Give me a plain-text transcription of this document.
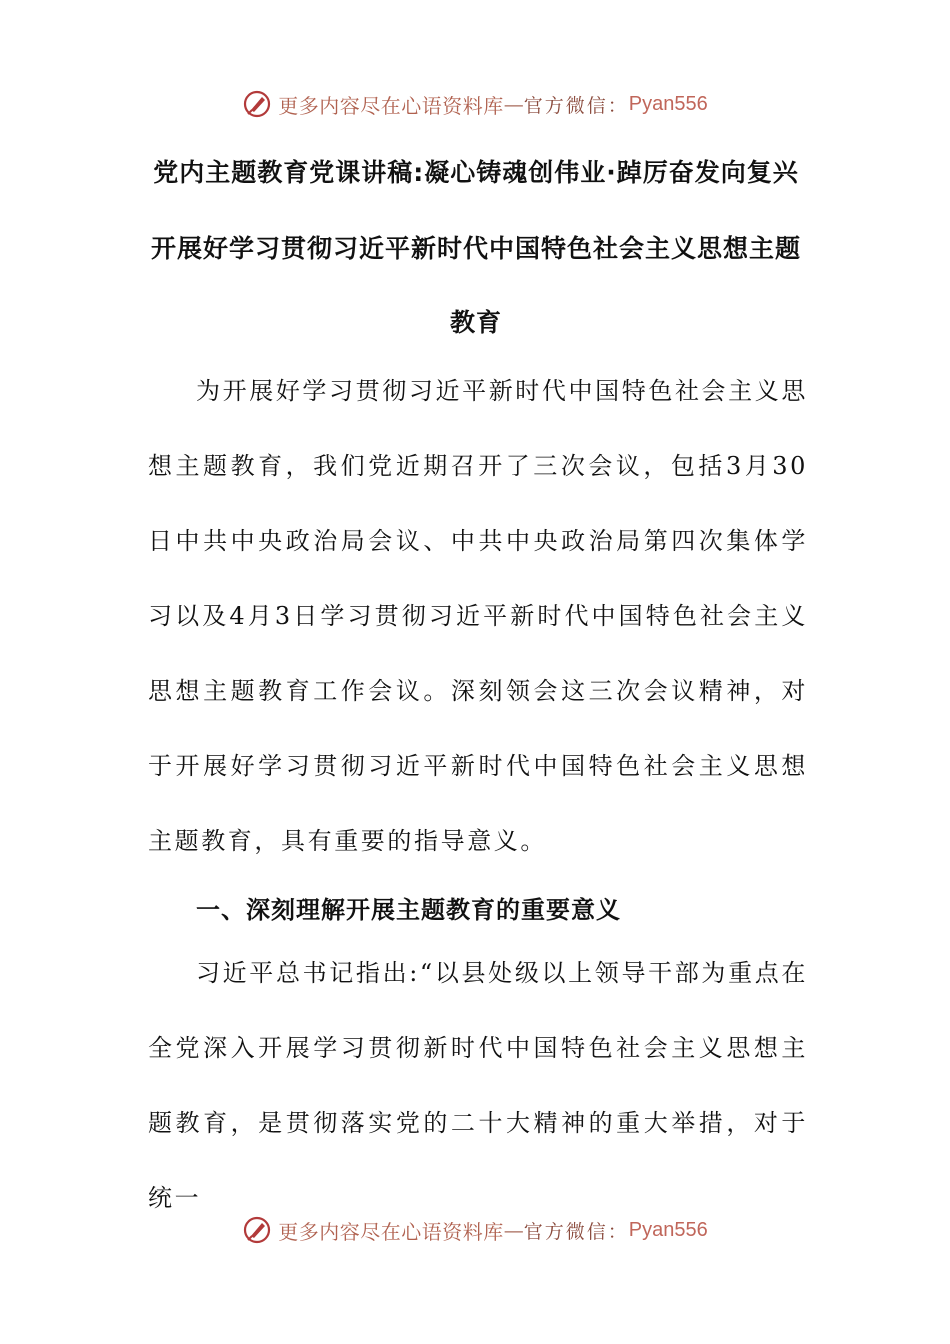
更多内容尽在心语资料库 — 官方微信： Pyan556
党内主题教育党课讲稿:凝心铸魂创伟业·踔厉奋发向复兴
开展好学习贯彻习近平新时代中国特色社会主义思想主题
教育
为开展好学习贯彻习近平新时代中国特色社会主义思想主题教育，我们党近期召开了三次会议，包括3月30日中共中央政治局会议、中共中央政治局第四次集体学习以及4月3日学习贯彻习近平新时代中国特色社会主义思想主题教育工作会议。深刻领会这三次会议精神，对于开展好学习贯彻习近平新时代中国特色社会主义思想主题教育，具有重要的指导意义。
一、深刻理解开展主题教育的重要意义
习近平总书记指出:“以县处级以上领导干部为重点在全党深入开展学习贯彻新时代中国特色社会主义思想主题教育，是贯彻落实党的二十大精神的重大举措，对于统一
更多内容尽在心语资料库 — 官方微信： Pyan556
